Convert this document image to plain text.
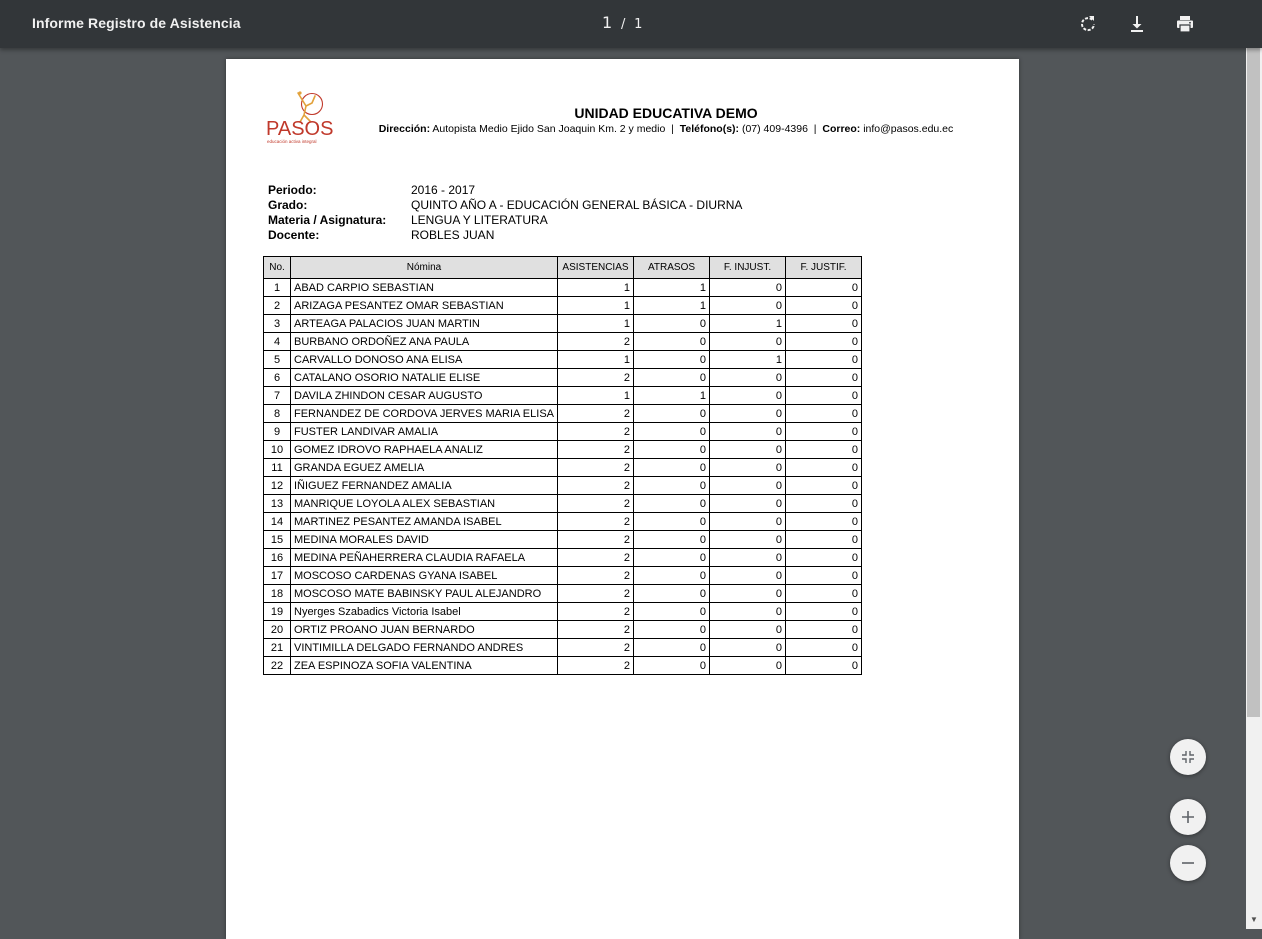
Informe Registro de Asistencia	1 / 1
PASOS
educación activa integral
UNIDAD EDUCATIVA DEMO
Dirección: Autopista Medio Ejido San Joaquin Km. 2 y medio | Teléfono(s): (07) 409-4396 | Correo: info@pasos.edu.ec
Periodo:	2016 - 2017
Grado:	QUINTO AÑO A - EDUCACIÓN GENERAL BÁSICA - DIURNA
Materia / Asignatura: LENGUA Y LITERATURA
Docente:	ROBLES JUAN
No.	Nómina	ASISTENCIAS	ATRASOS	F. INJUST.	F. JUSTIF.
1	ABAD CARPIO SEBASTIAN	1	1	0	0
2	ARIZAGA PESANTEZ OMAR SEBASTIAN	1	1	0	0
3	ARTEAGA PALACIOS JUAN MARTIN	1	0	1	0
4	BURBANO ORDOÑEZ ANA PAULA	2	0	0	0
5	CARVALLO DONOSO ANA ELISA	1	0	1	0
6	CATALANO OSORIO NATALIE ELISE	2	0	0	0
7	DAVILA ZHINDON CESAR AUGUSTO	1	1	0	0
8	FERNANDEZ DE CORDOVA JERVES MARIA ELISA	2	0	0	0
9	FUSTER LANDIVAR AMALIA	2	0	0	0
10	GOMEZ IDROVO RAPHAELA ANALIZ	2	0	0	0
11	GRANDA EGUEZ AMELIA	2	0	0	0
12	IÑIGUEZ FERNANDEZ AMALIA	2	0	0	0
13	MANRIQUE LOYOLA ALEX SEBASTIAN	2	0	0	0
14	MARTINEZ PESANTEZ AMANDA ISABEL	2	0	0	0
15	MEDINA MORALES DAVID	2	0	0	0
16	MEDINA PEÑAHERRERA CLAUDIA RAFAELA	2	0	0	0
17	MOSCOSO CARDENAS GYANA ISABEL	2	0	0	0
18	MOSCOSO MATE BABINSKY PAUL ALEJANDRO	2	0	0	0
19	Nyerges Szabadics Victoria Isabel	2	0	0	0
20	ORTIZ PROANO JUAN BERNARDO	2	0	0	0
21	VINTIMILLA DELGADO FERNANDO ANDRES	2	0	0	0
22	ZEA ESPINOZA SOFIA VALENTINA	2	0	0	0
▼
